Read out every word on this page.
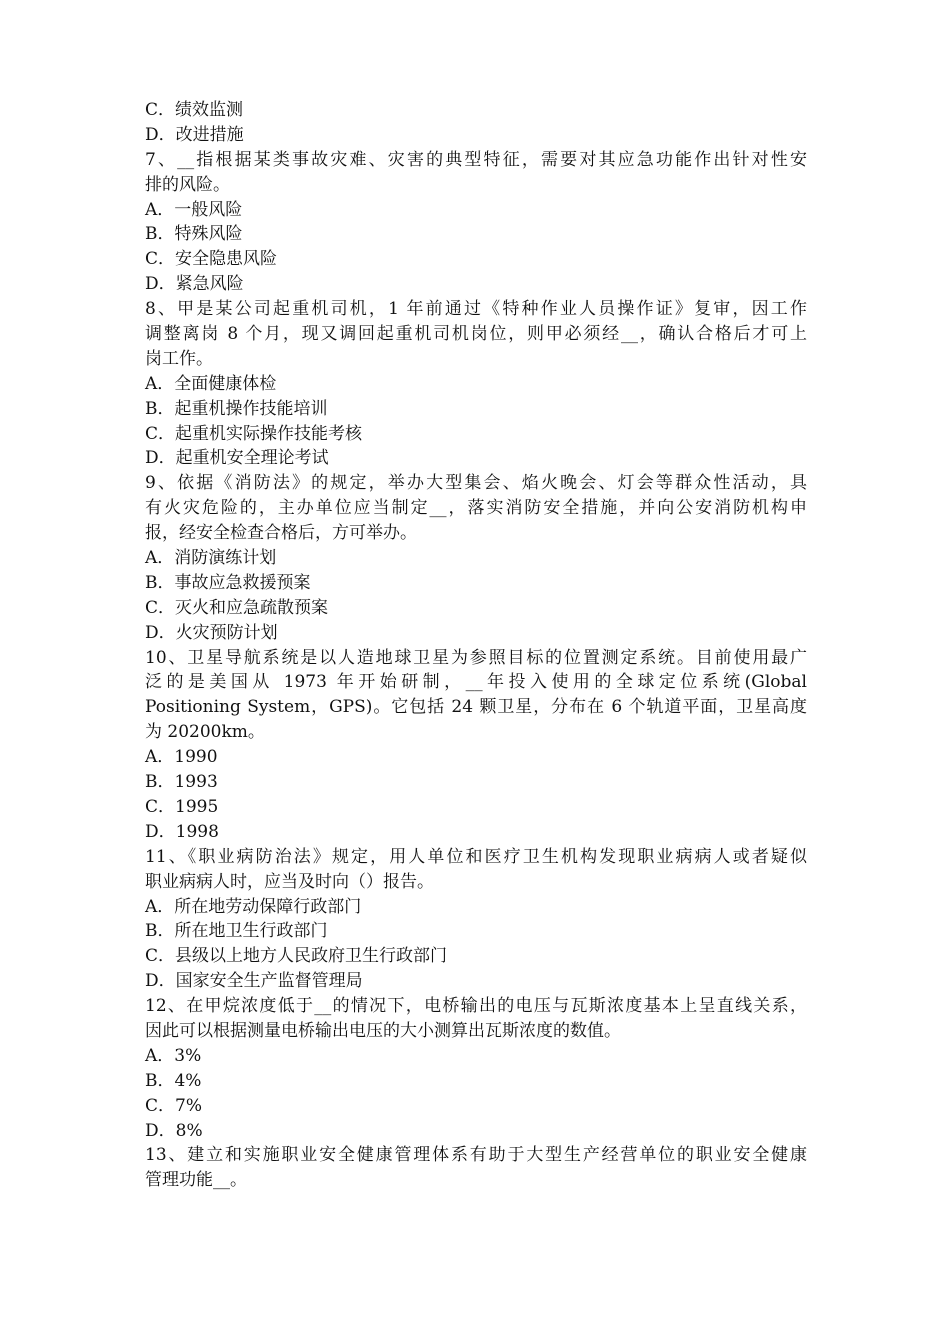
C．绩效监测
D．改进措施
7、__指根据某类事故灾难、灾害的典型特征，需要对其应急功能作出针对性安
排的风险。
A．一般风险
B．特殊风险
C．安全隐患风险
D．紧急风险
8、甲是某公司起重机司机，1 年前通过《特种作业人员操作证》复审，因工作
调整离岗 8 个月，现又调回起重机司机岗位，则甲必须经__，确认合格后才可上
岗工作。
A．全面健康体检
B．起重机操作技能培训
C．起重机实际操作技能考核
D．起重机安全理论考试
9、依据《消防法》的规定，举办大型集会、焰火晚会、灯会等群众性活动，具
有火灾危险的，主办单位应当制定__，落实消防安全措施，并向公安消防机构申
报，经安全检查合格后，方可举办。
A．消防演练计划
B．事故应急救援预案
C．灭火和应急疏散预案
D．火灾预防计划
10、卫星导航系统是以人造地球卫星为参照目标的位置测定系统。目前使用最广
泛的是美国从 1973 年开始研制，__年投入使用的全球定位系统(Global
Positioning System，GPS)。它包括 24 颗卫星，分布在 6 个轨道平面，卫星高度
为 20200km。
A．1990
B．1993
C．1995
D．1998
11、《职业病防治法》规定，用人单位和医疗卫生机构发现职业病病人或者疑似
职业病病人时，应当及时向（）报告。
A．所在地劳动保障行政部门
B．所在地卫生行政部门
C．县级以上地方人民政府卫生行政部门
D．国家安全生产监督管理局
12、在甲烷浓度低于__的情况下，电桥输出的电压与瓦斯浓度基本上呈直线关系，
因此可以根据测量电桥输出电压的大小测算出瓦斯浓度的数值。
A．3%
B．4%
C．7%
D．8%
13、建立和实施职业安全健康管理体系有助于大型生产经营单位的职业安全健康
管理功能__。
